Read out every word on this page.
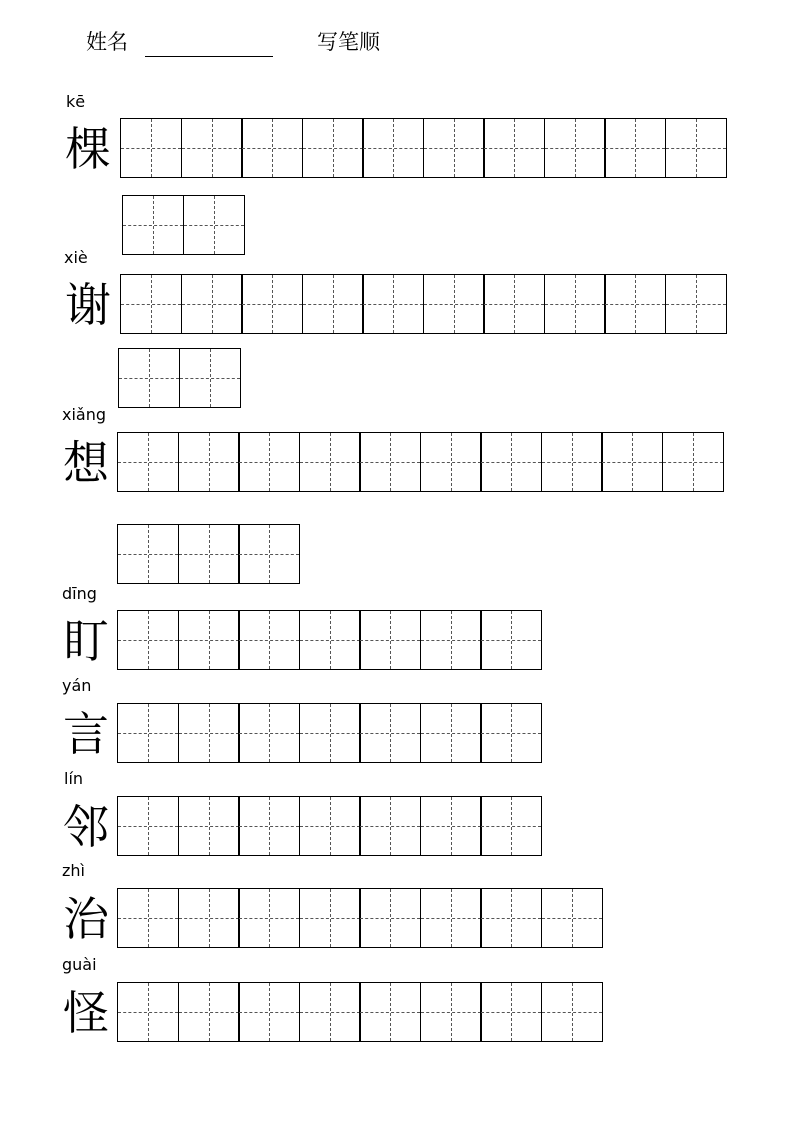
姓名	写笔顺
kē
棵
xiè
谢
xiǎng
想
dīng
盯
yán
言
lín
邻
zhì
治
guài
怪
